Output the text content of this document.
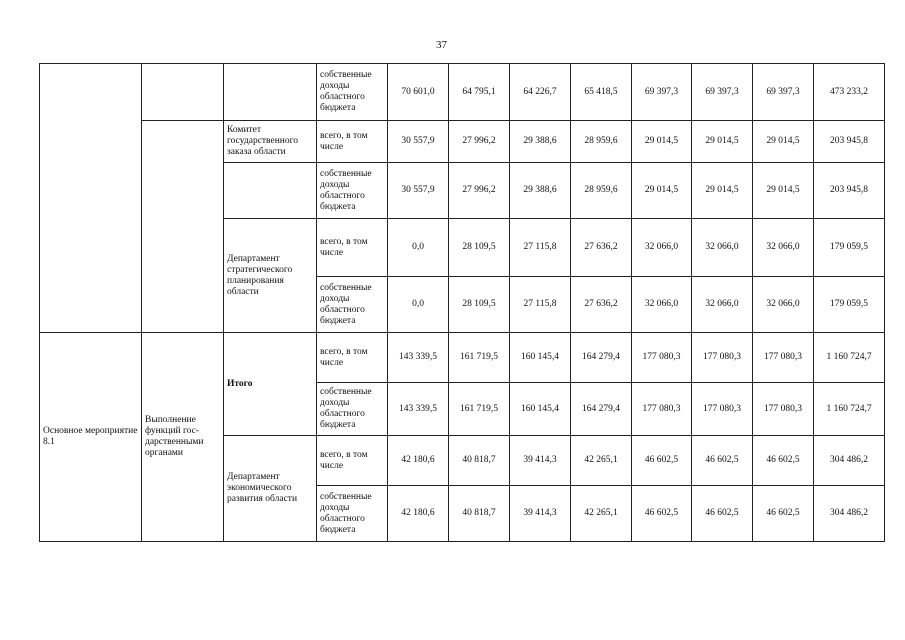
37
			собственные доходы областного бюджета	70 601,0	64 795,1	64 226,7	65 418,5	69 397,3	69 397,3	69 397,3	473 233,2
		Комитет государственного заказа области	всего, в том числе	30 557,9	27 996,2	29 388,6	28 959,6	29 014,5	29 014,5	29 014,5	203 945,8
			собственные доходы областного бюджета	30 557,9	27 996,2	29 388,6	28 959,6	29 014,5	29 014,5	29 014,5	203 945,8
		Департамент стратегического планирования области	всего, в том числе	0,0	28 109,5	27 115,8	27 636,2	32 066,0	32 066,0	32 066,0	179 059,5
			собственные доходы областного бюджета	0,0	28 109,5	27 115,8	27 636,2	32 066,0	32 066,0	32 066,0	179 059,5
Основное мероприятие 8.1	Выполнение функций гос-дарственными органами	Итого	всего, в том числе	143 339,5	161 719,5	160 145,4	164 279,4	177 080,3	177 080,3	177 080,3	1 160 724,7
			собственные доходы областного бюджета	143 339,5	161 719,5	160 145,4	164 279,4	177 080,3	177 080,3	177 080,3	1 160 724,7
		Департамент экономического развития области	всего, в том числе	42 180,6	40 818,7	39 414,3	42 265,1	46 602,5	46 602,5	46 602,5	304 486,2
			собственные доходы областного бюджета	42 180,6	40 818,7	39 414,3	42 265,1	46 602,5	46 602,5	46 602,5	304 486,2
